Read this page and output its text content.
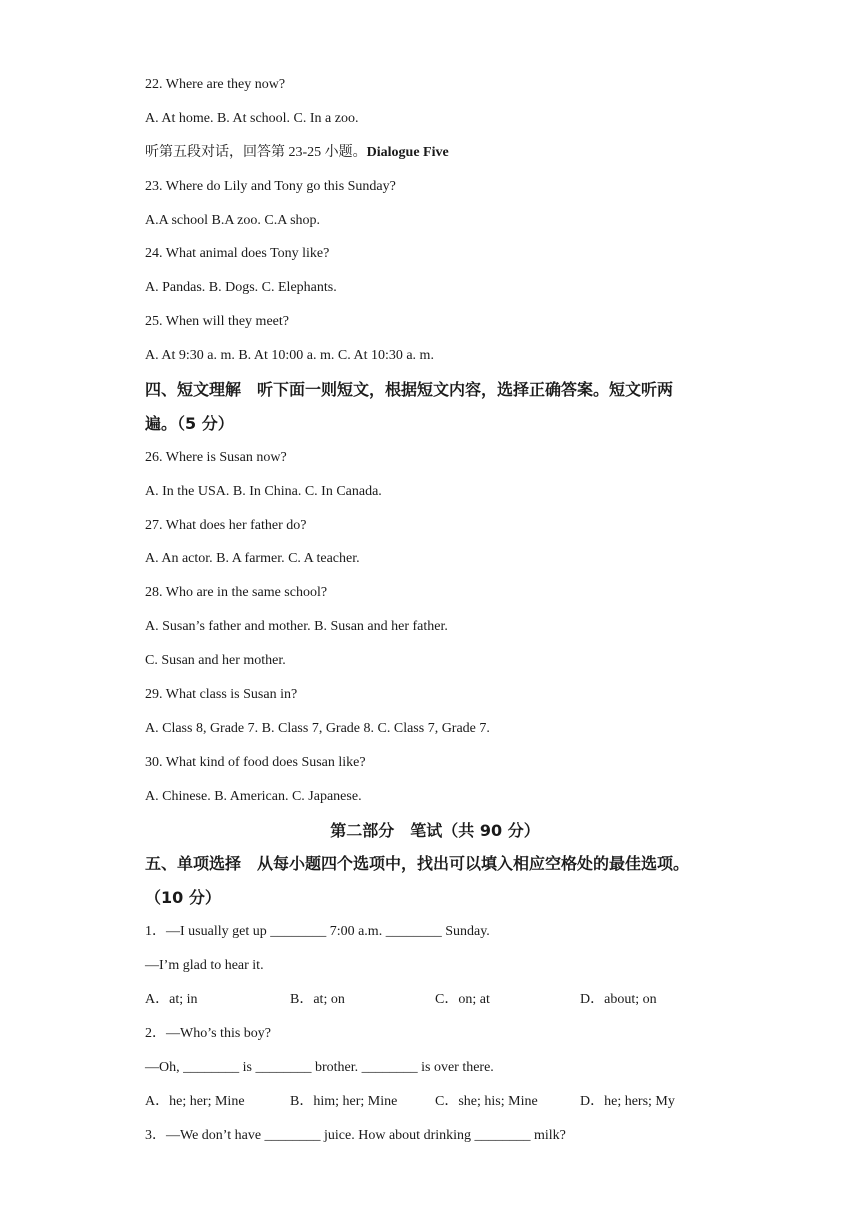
22. Where are they now?
A. At home. B. At school. C. In a zoo.
听第五段对话，回答第 23-25 小题。Dialogue Five
23. Where do Lily and Tony go this Sunday?
A.A school B.A zoo. C.A shop.
24. What animal does Tony like?
A. Pandas. B. Dogs. C. Elephants.
25. When will they meet?
A. At 9:30 a. m. B. At 10:00 a. m. C. At 10:30 a. m.
四、短文理解　听下面一则短文，根据短文内容，选择正确答案。短文听两
遍。（5 分）
26. Where is Susan now?
A. In the USA. B. In China. C. In Canada.
27. What does her father do?
A. An actor. B. A farmer. C. A teacher.
28. Who are in the same school?
A. Susan’s father and mother. B. Susan and her father.
C. Susan and her mother.
29. What class is Susan in?
A. Class 8, Grade 7. B. Class 7, Grade 8. C. Class 7, Grade 7.
30. What kind of food does Susan like?
A. Chinese. B. American. C. Japanese.
第二部分　笔试（共 90 分）
五、单项选择　从每小题四个选项中，找出可以填入相应空格处的最佳选项。
（10 分）
1．—I usually get up ________ 7:00 a.m. ________ Sunday.
—I’m glad to hear it.
A．at; in	B．at; on	C．on; at	D．about; on
2．—Who’s this boy?
—Oh, ________ is ________ brother. ________ is over there.
A．he; her; Mine	B．him; her; Mine	C．she; his; Mine	D．he; hers; My
3．—We don’t have ________ juice. How about drinking ________ milk?
